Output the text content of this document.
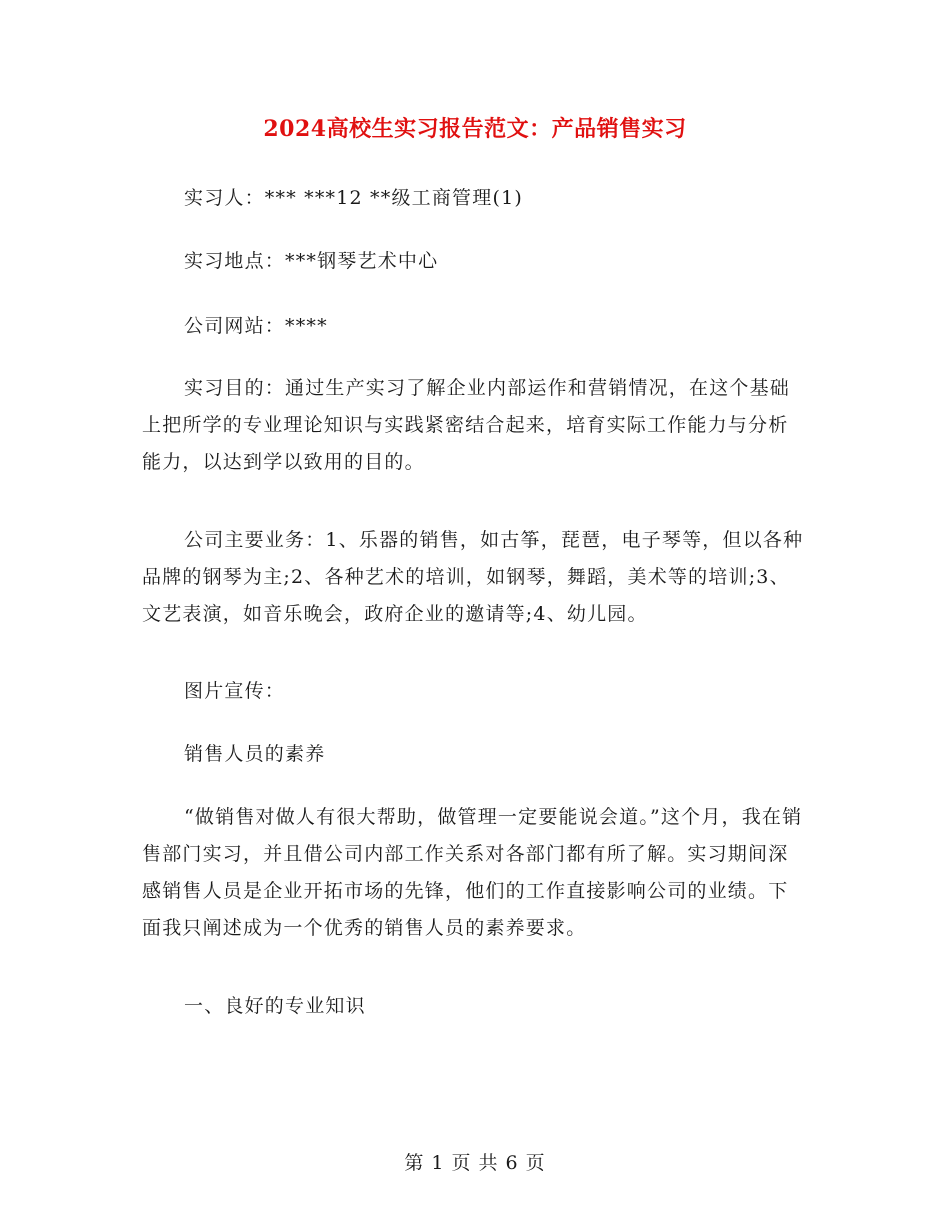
2024高校生实习报告范文：产品销售实习
实习人：*** ***12 **级工商管理(1)
实习地点：***钢琴艺术中心
公司网站：****

实习目的：通过生产实习了解企业内部运作和营销情况，在这个基础上把所学的专业理论知识与实践紧密结合起来，培育实际工作能力与分析能力，以达到学以致用的目的。

公司主要业务：1、乐器的销售，如古筝，琵琶，电子琴等，但以各种品牌的钢琴为主;2、各种艺术的培训，如钢琴，舞蹈，美术等的培训;3、文艺表演，如音乐晚会，政府企业的邀请等;4、幼儿园。

图片宣传：
销售人员的素养

“做销售对做人有很大帮助，做管理一定要能说会道。”这个月，我在销售部门实习，并且借公司内部工作关系对各部门都有所了解。实习期间深感销售人员是企业开拓市场的先锋，他们的工作直接影响公司的业绩。下面我只阐述成为一个优秀的销售人员的素养要求。

一、良好的专业知识
第 1 页 共 6 页
